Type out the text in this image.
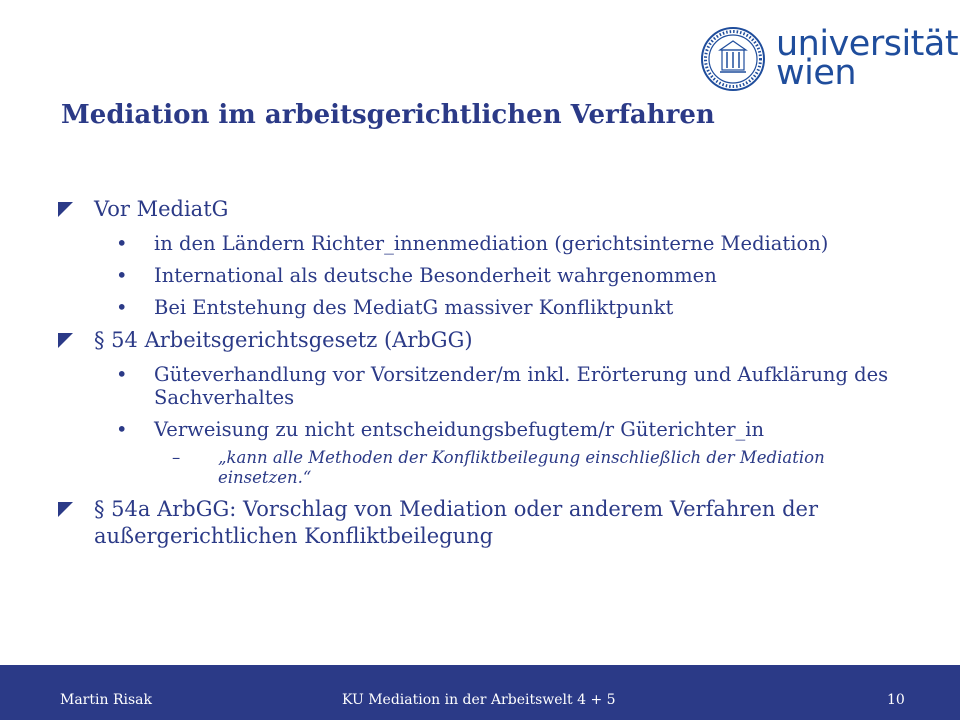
universität
wien
Mediation im arbeitsgerichtlichen Verfahren
Vor MediatG
• in den Ländern Richter_innenmediation (gerichtsinterne Mediation)
• International als deutsche Besonderheit wahrgenommen
• Bei Entstehung des MediatG massiver Konfliktpunkt
§ 54 Arbeitsgerichtsgesetz (ArbGG)
• Güteverhandlung vor Vorsitzender/m inkl. Erörterung und Aufklärung des Sachverhaltes
• Verweisung zu nicht entscheidungsbefugtem/r Güterichter_in
– „kann alle Methoden der Konfliktbeilegung einschließlich der Mediation einsetzen.“
§ 54a ArbGG: Vorschlag von Mediation oder anderem Verfahren der außergerichtlichen Konfliktbeilegung
Martin Risak	KU Mediation in der Arbeitswelt 4 + 5	10
